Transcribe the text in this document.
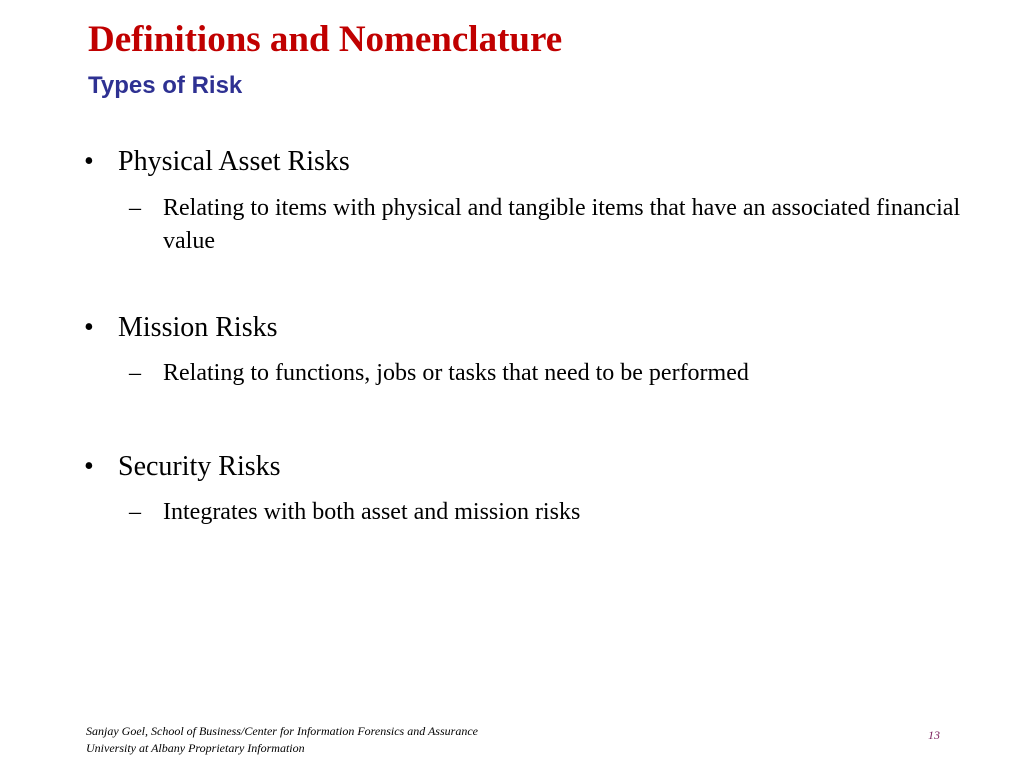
Definitions and Nomenclature
Types of Risk
• Physical Asset Risks
– Relating to items with physical and tangible items that have an associated financial value
• Mission Risks
– Relating to functions, jobs or tasks that need to be performed
• Security Risks
– Integrates with both asset and mission risks
Sanjay Goel, School of Business/Center for Information Forensics and Assurance
University at Albany Proprietary Information
13
